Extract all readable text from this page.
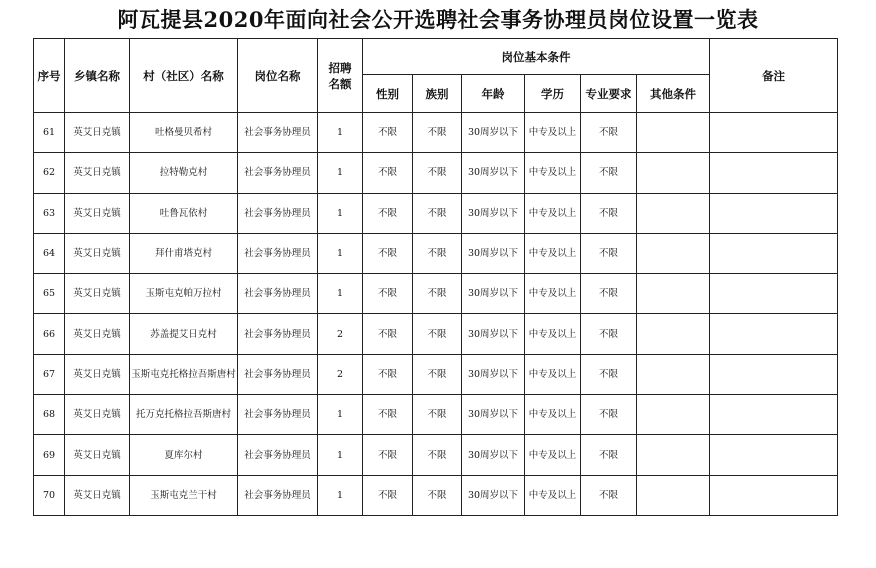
阿瓦提县2020年面向社会公开选聘社会事务协理员岗位设置一览表
序号	乡镇名称	村（社区）名称	岗位名称	招聘名额	岗位基本条件						备注
					性别	族别	年龄	学历	专业要求	其他条件	
61	英艾日克镇	吐格曼贝希村	社会事务协理员	1	不限	不限	30周岁以下	中专及以上	不限		
62	英艾日克镇	拉特勒克村	社会事务协理员	1	不限	不限	30周岁以下	中专及以上	不限		
63	英艾日克镇	吐鲁瓦依村	社会事务协理员	1	不限	不限	30周岁以下	中专及以上	不限		
64	英艾日克镇	拜什甫塔克村	社会事务协理员	1	不限	不限	30周岁以下	中专及以上	不限		
65	英艾日克镇	玉斯屯克帕万拉村	社会事务协理员	1	不限	不限	30周岁以下	中专及以上	不限		
66	英艾日克镇	苏盖提艾日克村	社会事务协理员	2	不限	不限	30周岁以下	中专及以上	不限		
67	英艾日克镇	玉斯屯克托格拉吾斯唐村	社会事务协理员	2	不限	不限	30周岁以下	中专及以上	不限		
68	英艾日克镇	托万克托格拉吾斯唐村	社会事务协理员	1	不限	不限	30周岁以下	中专及以上	不限		
69	英艾日克镇	夏库尔村	社会事务协理员	1	不限	不限	30周岁以下	中专及以上	不限		
70	英艾日克镇	玉斯屯克兰干村	社会事务协理员	1	不限	不限	30周岁以下	中专及以上	不限		
